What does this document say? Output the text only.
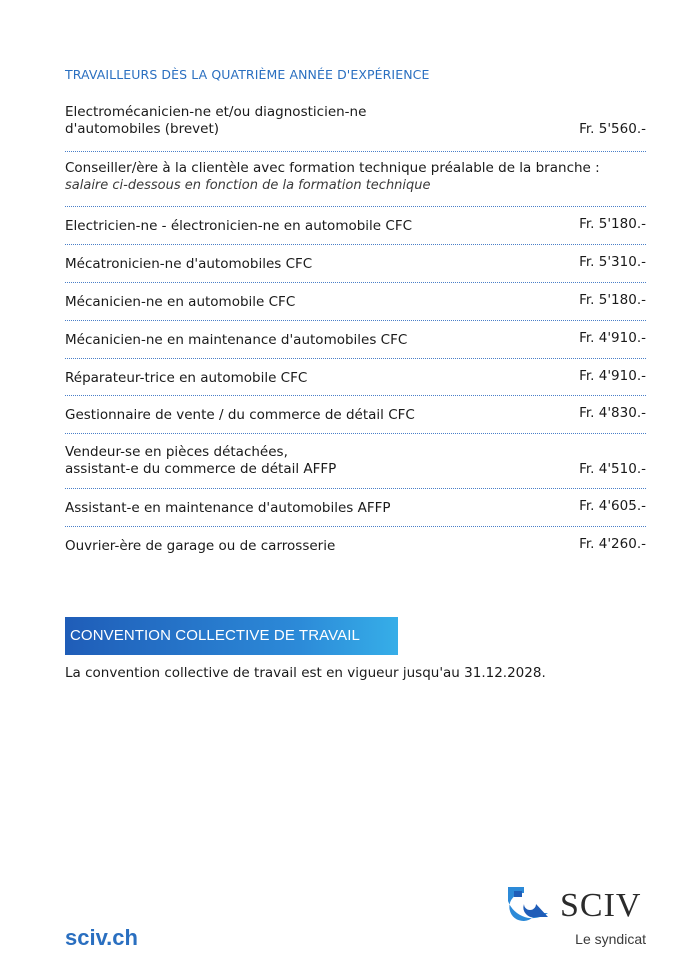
TRAVAILLEURS DÈS LA QUATRIÈME ANNÉE D'EXPÉRIENCE
Electromécanicien-ne et/ou diagnosticien-ne
d'automobiles (brevet)	Fr. 5'560.-
Conseiller/ère à la clientèle avec formation technique préalable de la branche :
salaire ci-dessous en fonction de la formation technique
Electricien-ne - électronicien-ne en automobile CFC	Fr. 5'180.-
Mécatronicien-ne d'automobiles CFC	Fr. 5'310.-
Mécanicien-ne en automobile CFC	Fr. 5'180.-
Mécanicien-ne en maintenance d'automobiles CFC	Fr. 4'910.-
Réparateur-trice en automobile CFC	Fr. 4'910.-
Gestionnaire de vente / du commerce de détail CFC	Fr. 4'830.-
Vendeur-se en pièces détachées,
assistant-e du commerce de détail AFFP	Fr. 4'510.-
Assistant-e en maintenance d'automobiles AFFP	Fr. 4'605.-
Ouvrier-ère de garage ou de carrosserie	Fr. 4'260.-
CONVENTION COLLECTIVE DE TRAVAIL
La convention collective de travail est en vigueur jusqu'au 31.12.2028.
sciv.ch
SCIV
Le syndicat
